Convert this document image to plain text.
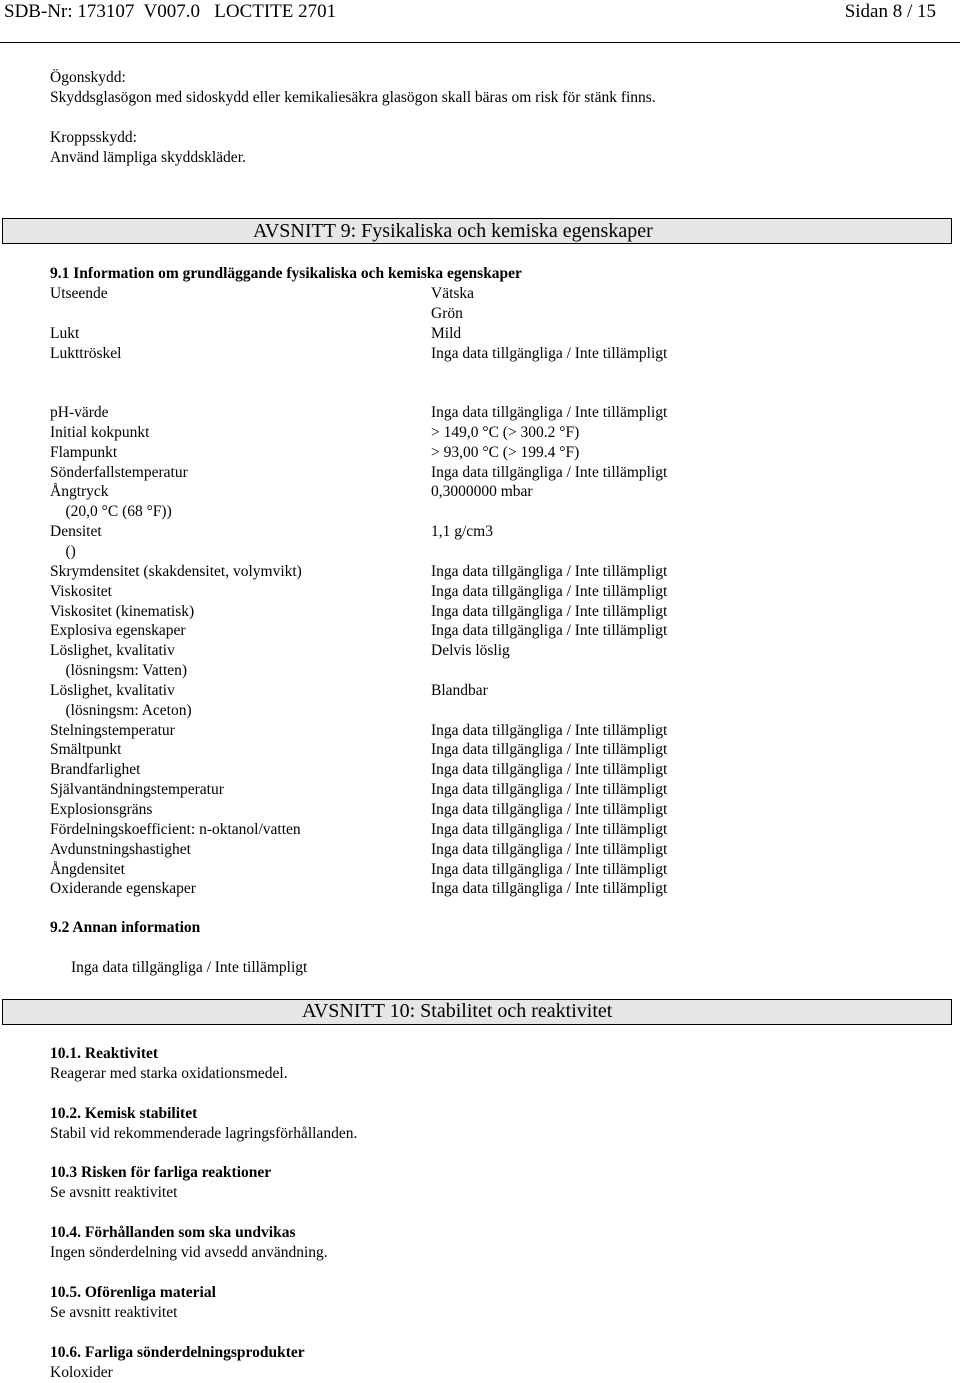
SDB-Nr: 173107  V007.0   LOCTITE 2701	Sidan 8 / 15
Ögonskydd:
Skyddsglasögon med sidoskydd eller kemikaliesäkra glasögon skall bäras om risk för stänk finns.
Kroppsskydd:
Använd lämpliga skyddskläder.
AVSNITT 9: Fysikaliska och kemiska egenskaper
9.1 Information om grundläggande fysikaliska och kemiska egenskaper
Utseende	Vätska
Grön
Lukt	Mild
Lukttröskel	Inga data tillgängliga / Inte tillämpligt
pH-värde	Inga data tillgängliga / Inte tillämpligt
Initial kokpunkt	> 149,0 °C (> 300.2 °F)
Flampunkt	> 93,00 °C (> 199.4 °F)
Sönderfallstemperatur	Inga data tillgängliga / Inte tillämpligt
Ångtryck	0,3000000 mbar
(20,0 °C (68 °F))
Densitet	1,1 g/cm3
()
Skrymdensitet (skakdensitet, volymvikt)	Inga data tillgängliga / Inte tillämpligt
Viskositet	Inga data tillgängliga / Inte tillämpligt
Viskositet (kinematisk)	Inga data tillgängliga / Inte tillämpligt
Explosiva egenskaper	Inga data tillgängliga / Inte tillämpligt
Löslighet, kvalitativ	Delvis löslig
(lösningsm: Vatten)
Löslighet, kvalitativ	Blandbar
(lösningsm: Aceton)
Stelningstemperatur	Inga data tillgängliga / Inte tillämpligt
Smältpunkt	Inga data tillgängliga / Inte tillämpligt
Brandfarlighet	Inga data tillgängliga / Inte tillämpligt
Självantändningstemperatur	Inga data tillgängliga / Inte tillämpligt
Explosionsgräns	Inga data tillgängliga / Inte tillämpligt
Fördelningskoefficient: n-oktanol/vatten	Inga data tillgängliga / Inte tillämpligt
Avdunstningshastighet	Inga data tillgängliga / Inte tillämpligt
Ångdensitet	Inga data tillgängliga / Inte tillämpligt
Oxiderande egenskaper	Inga data tillgängliga / Inte tillämpligt
9.2 Annan information
Inga data tillgängliga / Inte tillämpligt
AVSNITT 10: Stabilitet och reaktivitet
10.1. Reaktivitet
Reagerar med starka oxidationsmedel.
10.2. Kemisk stabilitet
Stabil vid rekommenderade lagringsförhållanden.
10.3 Risken för farliga reaktioner
Se avsnitt reaktivitet
10.4. Förhållanden som ska undvikas
Ingen sönderdelning vid avsedd användning.
10.5. Oförenliga material
Se avsnitt reaktivitet
10.6. Farliga sönderdelningsprodukter
Koloxider
